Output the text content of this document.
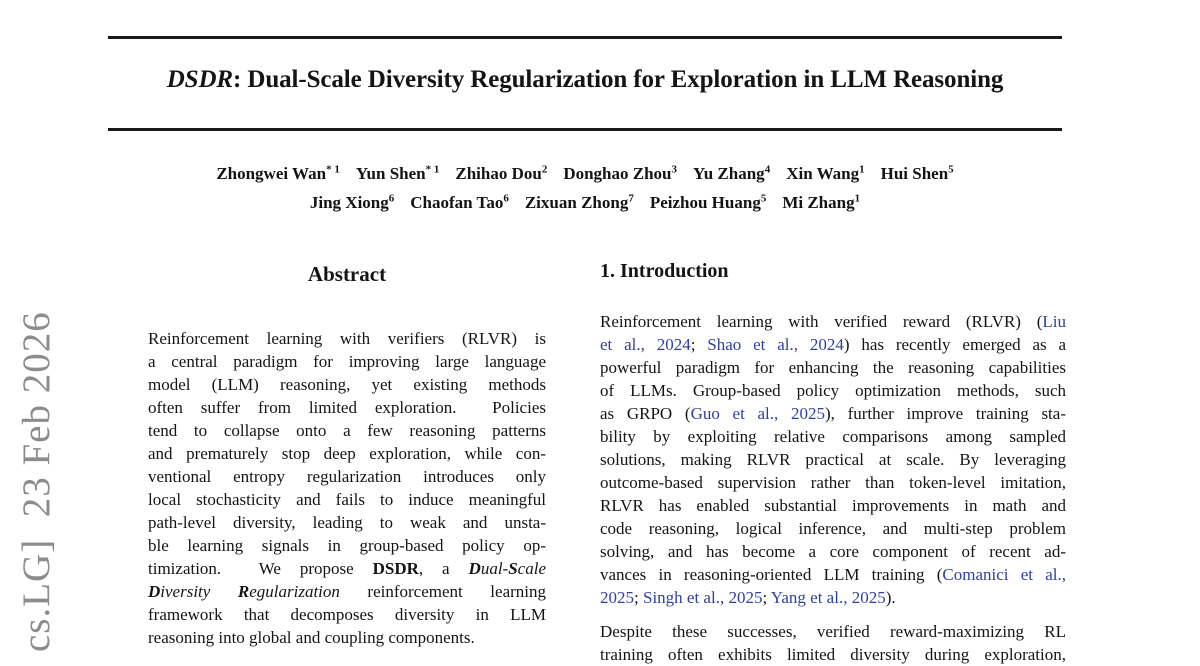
cs.LG]  23 Feb 2026
DSDR: Dual-Scale Diversity Regularization for Exploration in LLM Reasoning
Zhongwei Wan$^{* 1}$ Yun Shen$^{* 1}$ Zhihao Dou$^2$ Donghao Zhou$^3$ Yu Zhang$^4$ Xin Wang$^1$ Hui Shen$^5$
Jing Xiong$^6$ Chaofan Tao$^6$ Zixuan Zhong$^7$ Peizhou Huang$^5$ Mi Zhang$^1$
Abstract
Reinforcement learning with verifiers (RLVR) is
a central paradigm for improving large language
model (LLM) reasoning, yet existing methods
often suffer from limited exploration.  Policies
tend to collapse onto a few reasoning patterns
and prematurely stop deep exploration, while con-
ventional entropy regularization introduces only
local stochasticity and fails to induce meaningful
path-level diversity, leading to weak and unsta-
ble learning signals in group-based policy op-
timization.  We propose DSDR, a Dual-Scale
Diversity Regularization reinforcement learning
framework that decomposes diversity in LLM
reasoning into global and coupling components.
1. Introduction
Reinforcement learning with verified reward (RLVR) (Liu
et al., 2024; Shao et al., 2024) has recently emerged as a
powerful paradigm for enhancing the reasoning capabilities
of LLMs. Group-based policy optimization methods, such
as GRPO (Guo et al., 2025), further improve training sta-
bility by exploiting relative comparisons among sampled
solutions, making RLVR practical at scale. By leveraging
outcome-based supervision rather than token-level imitation,
RLVR has enabled substantial improvements in math and
code reasoning, logical inference, and multi-step problem
solving, and has become a core component of recent ad-
vances in reasoning-oriented LLM training (Comanici et al.,
2025; Singh et al., 2025; Yang et al., 2025).
Despite these successes, verified reward-maximizing RL
training often exhibits limited diversity during exploration,
